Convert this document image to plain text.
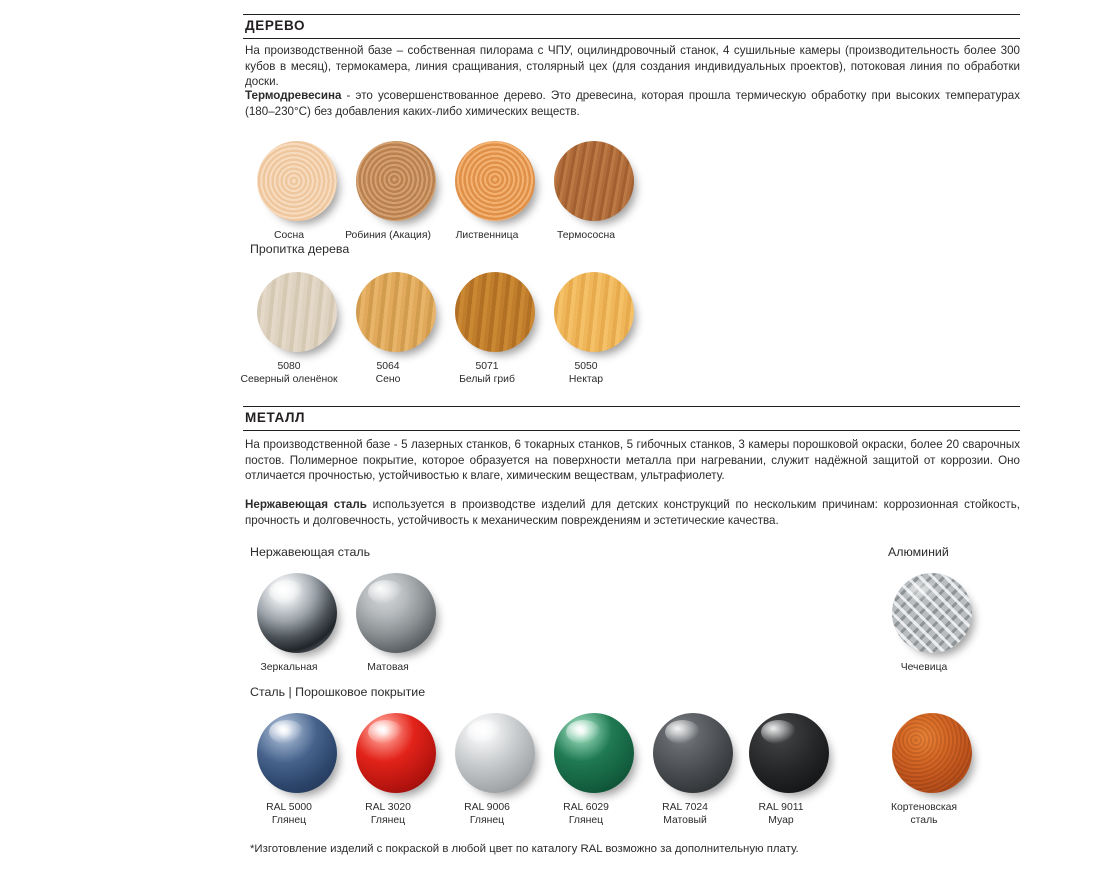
ДЕРЕВО
На производственной базе – собственная пилорама с ЧПУ, оцилиндровочный станок, 4 сушильные камеры (производительность более 300 кубов в месяц), термокамера, линия сращивания, столярный цех (для создания индивидуальных проектов), потоковая линия по обработки доски.
Термодревесина - это усовершенствованное дерево. Это древесина, которая прошла термическую обработку при высоких температурах (180–230°C) без добавления каких-либо химических веществ.
Сосна	Робиния (Акация)	Лиственница	Термососна
Пропитка дерева
5080
Северный оленёнок
5064
Сено
5071
Белый гриб
5050
Нектар
МЕТАЛЛ
На производственной базе - 5 лазерных станков, 6 токарных станков, 5 гибочных станков, 3 камеры порошковой окраски, более 20 сварочных постов. Полимерное покрытие, которое образуется на поверхности металла при нагревании, служит надёжной защитой от коррозии. Оно отличается прочностью, устойчивостью к влаге, химическим веществам, ультрафиолету.
Нержавеющая сталь используется в производстве изделий для детских конструкций по нескольким причинам: коррозионная стойкость, прочность и долговечность, устойчивость к механическим повреждениям и эстетические качества.
Нержавеющая сталь	Алюминий
Зеркальная	Матовая	Чечевица
Сталь | Порошковое покрытие
RAL 5000
Глянец
RAL 3020
Глянец
RAL 9006
Глянец
RAL 6029
Глянец
RAL 7024
Матовый
RAL 9011
Муар
Кортеновская
сталь
*Изготовление изделий с покраской в любой цвет по каталогу RAL возможно за дополнительную плату.
